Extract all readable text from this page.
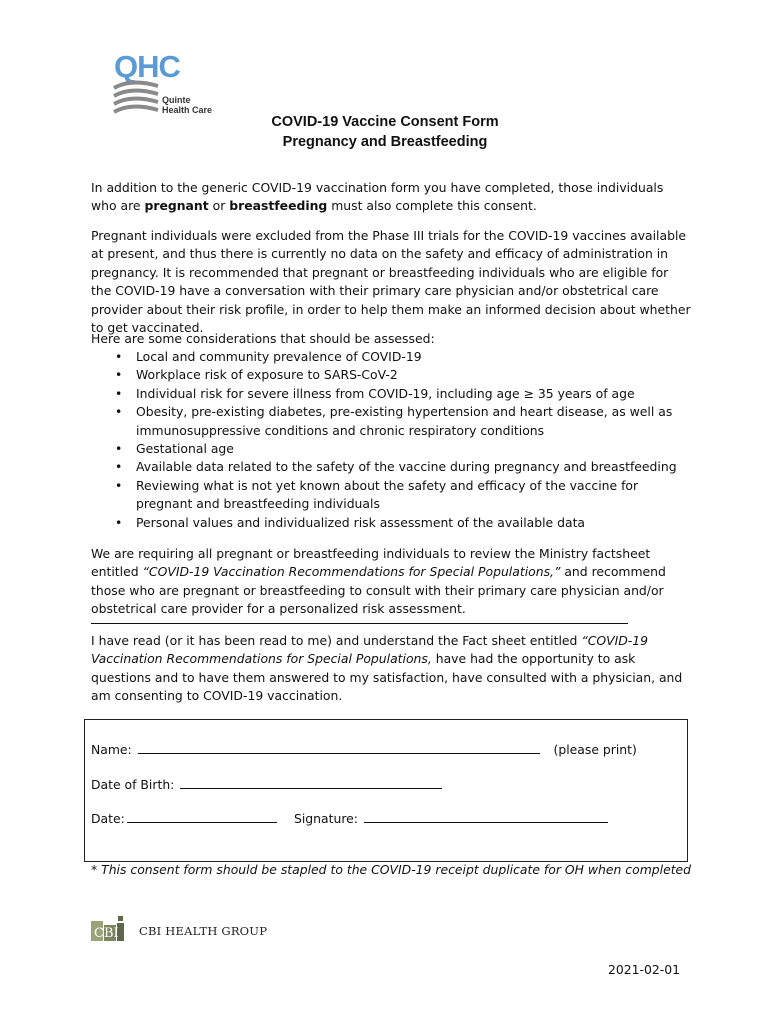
QHC
Quinte
Health Care
COVID-19 Vaccine Consent Form
Pregnancy and Breastfeeding

In addition to the generic COVID-19 vaccination form you have completed, those individuals who are pregnant or breastfeeding must also complete this consent.

Pregnant individuals were excluded from the Phase III trials for the COVID-19 vaccines available at present, and thus there is currently no data on the safety and efficacy of administration in pregnancy. It is recommended that pregnant or breastfeeding individuals who are eligible for the COVID-19 have a conversation with their primary care physician and/or obstetrical care provider about their risk profile, in order to help them make an informed decision about whether to get vaccinated.

Here are some considerations that should be assessed:

• Local and community prevalence of COVID-19
• Workplace risk of exposure to SARS-CoV-2
• Individual risk for severe illness from COVID-19, including age ≥ 35 years of age
• Obesity, pre-existing diabetes, pre-existing hypertension and heart disease, as well as immunosuppressive conditions and chronic respiratory conditions
• Gestational age
• Available data related to the safety of the vaccine during pregnancy and breastfeeding
• Reviewing what is not yet known about the safety and efficacy of the vaccine for pregnant and breastfeeding individuals
• Personal values and individualized risk assessment of the available data

We are requiring all pregnant or breastfeeding individuals to review the Ministry factsheet entitled “COVID-19 Vaccination Recommendations for Special Populations,” and recommend those who are pregnant or breastfeeding to consult with their primary care physician and/or obstetrical care provider for a personalized risk assessment.

I have read (or it has been read to me) and understand the Fact sheet entitled “COVID-19 Vaccination Recommendations for Special Populations, have had the opportunity to ask questions and to have them answered to my satisfaction, have consulted with a physician, and am consenting to COVID-19 vaccination.

Name:	(please print)
Date of Birth:
Date:	Signature:
* This consent form should be stapled to the COVID-19 receipt duplicate for OH when completed
CBI CBI HEALTH GROUP
2021-02-01
